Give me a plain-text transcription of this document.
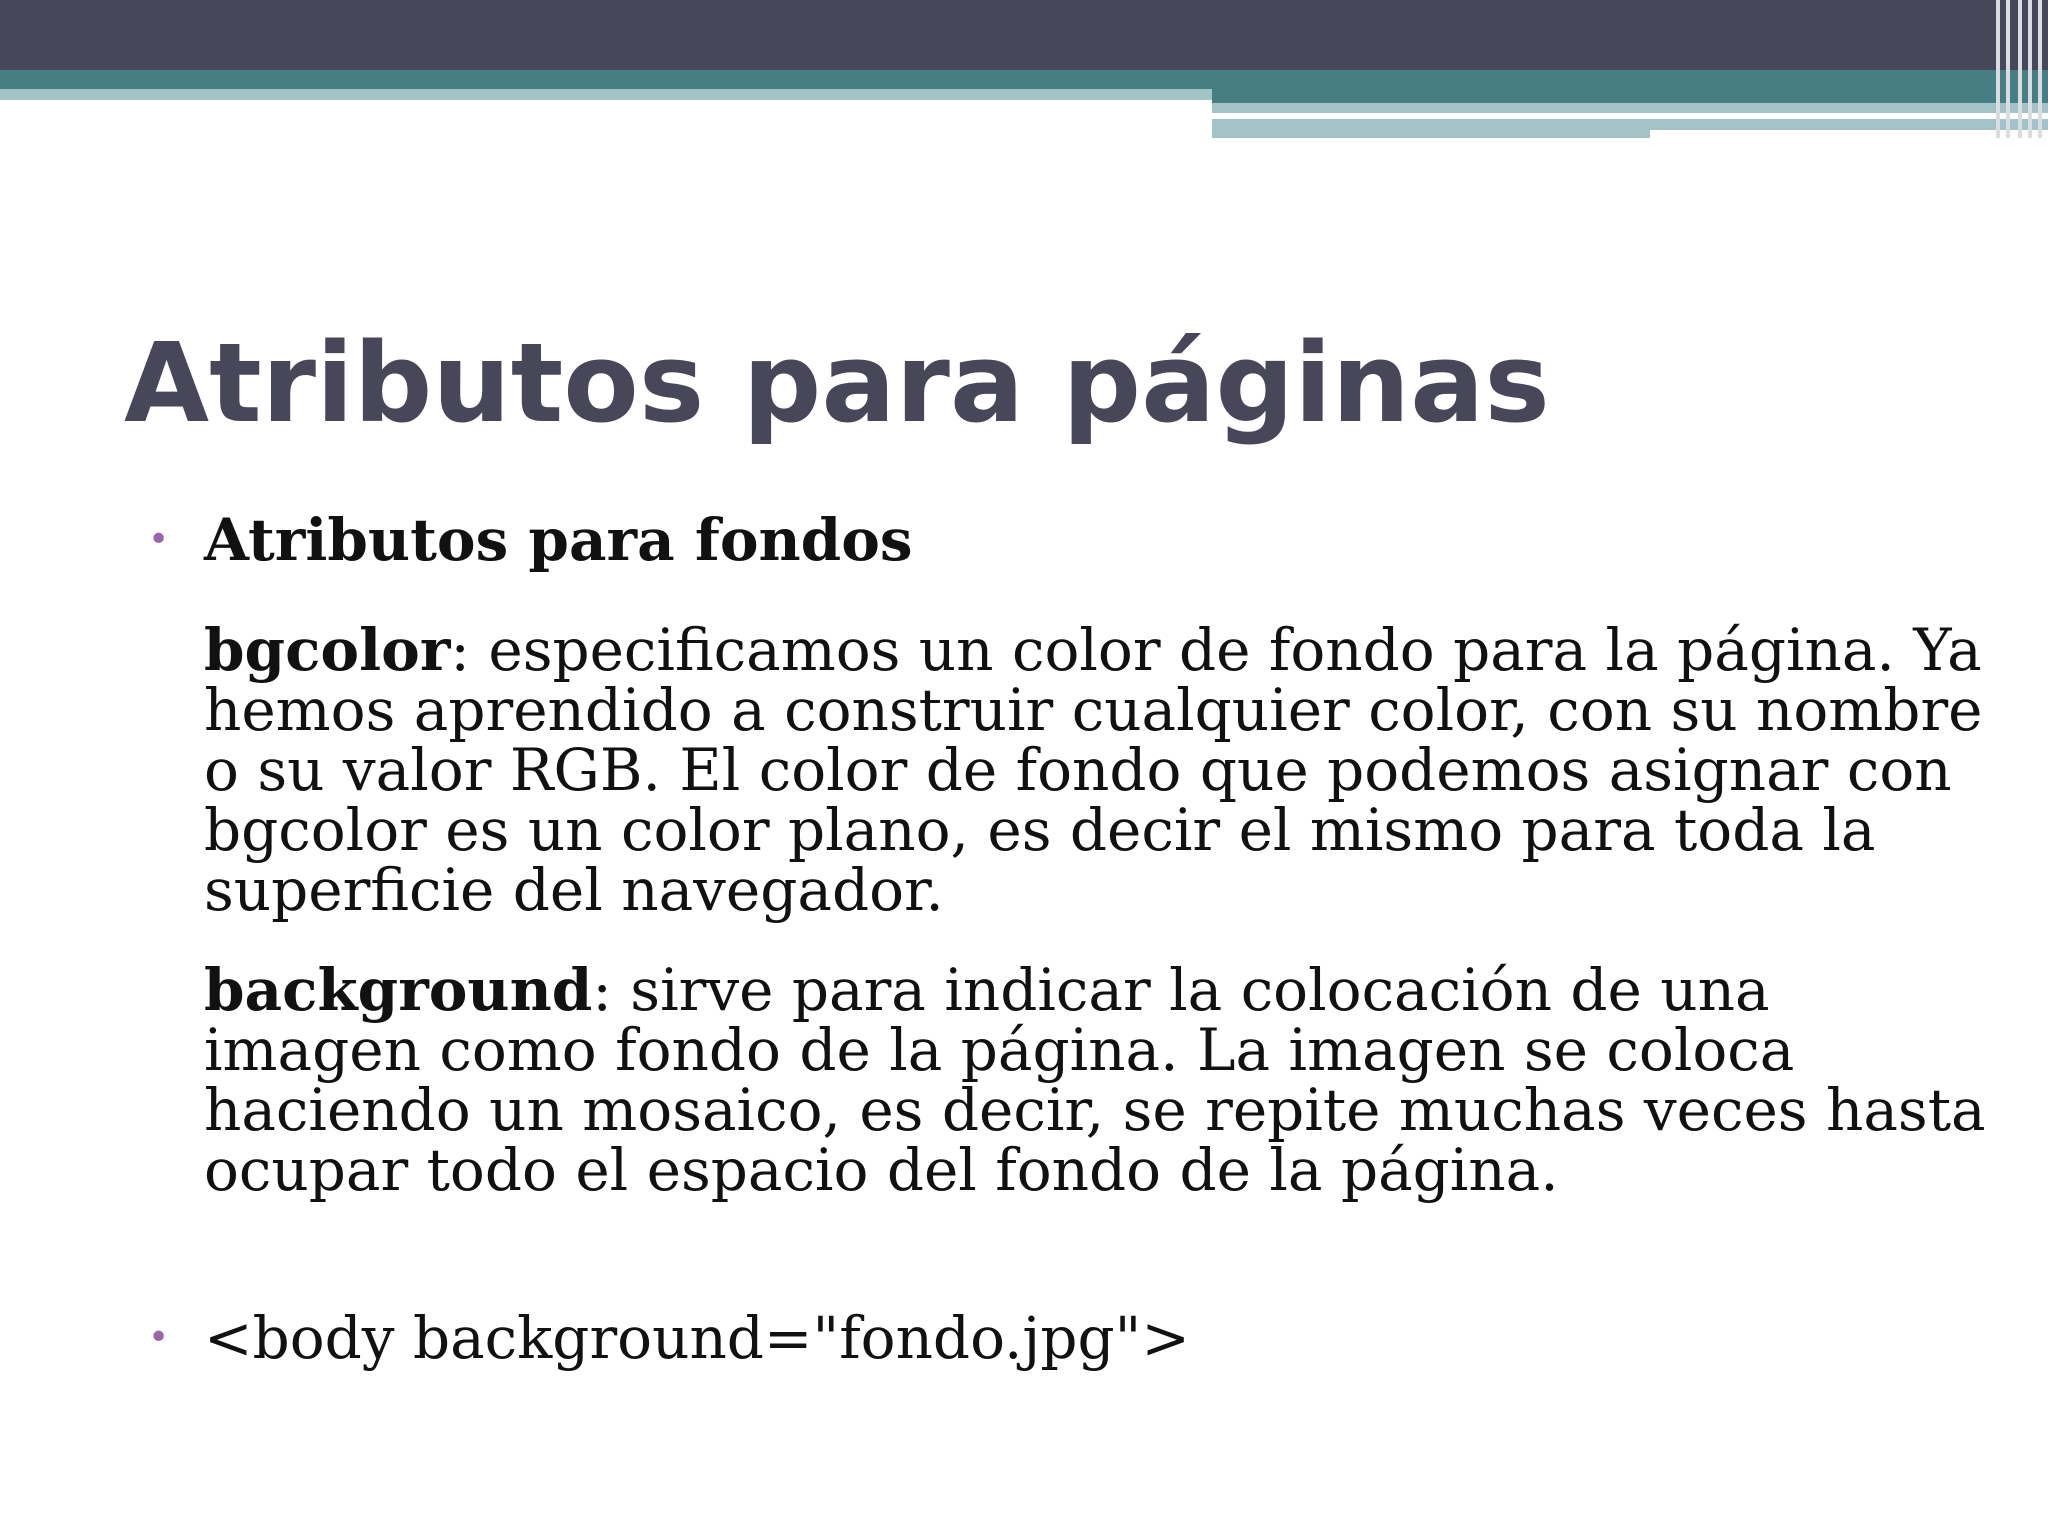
Atributos para páginas
• Atributos para fondos
bgcolor: especificamos un color de fondo para la página. Ya hemos aprendido a construir cualquier color, con su nombre o su valor RGB. El color de fondo que podemos asignar con bgcolor es un color plano, es decir el mismo para toda la superficie del navegador.
background: sirve para indicar la colocación de una imagen como fondo de la página. La imagen se coloca haciendo un mosaico, es decir, se repite muchas veces hasta ocupar todo el espacio del fondo de la página.
• <body background="fondo.jpg">
